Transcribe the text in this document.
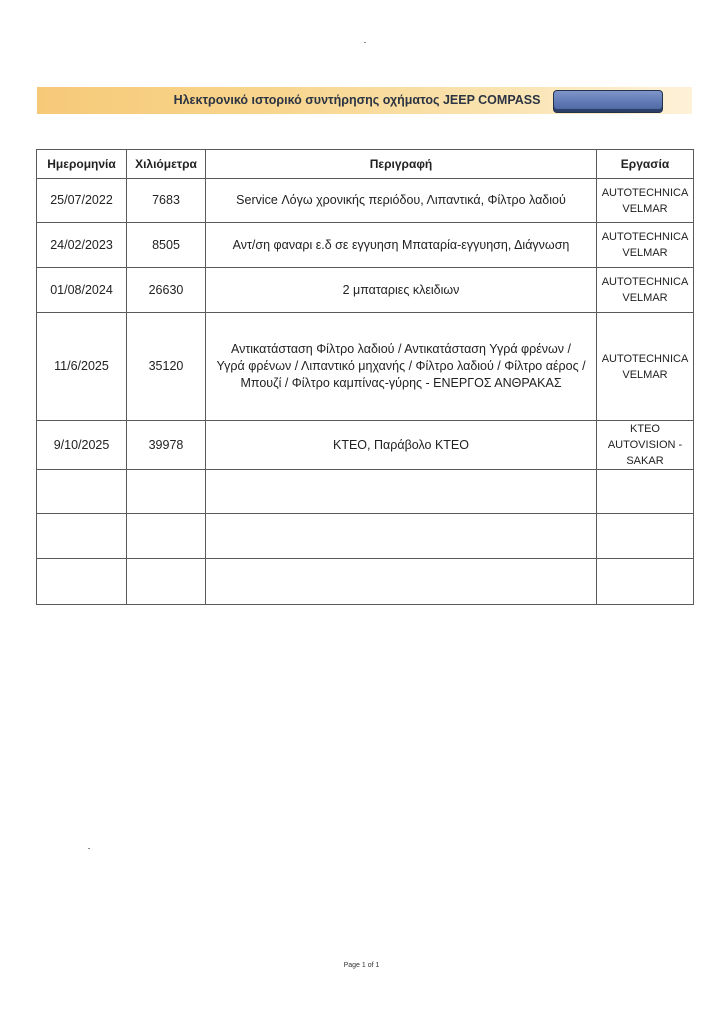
Ηλεκτρονικό ιστορικό συντήρησης οχήματος JEEP COMPASS
Ημερομηνία	Χιλιόμετρα	Περιγραφή	Εργασία
25/07/2022	7683	Service Λόγω χρονικής περιόδου, Λιπαντικά, Φίλτρο λαδιού	AUTOTECHNICA VELMAR
24/02/2023	8505	Αντ/ση φαναρι ε.δ σε εγγυηση Μπαταρία-εγγυηση, Διάγνωση	AUTOTECHNICA VELMAR
01/08/2024	26630	2 μπαταριες κλειδιων	AUTOTECHNICA VELMAR
11/6/2025	35120	Αντικατάσταση Φίλτρο λαδιού / Αντικατάσταση Υγρά φρένων / Υγρά φρένων / Λιπαντικό μηχανής / Φίλτρο λαδιού / Φίλτρο αέρος / Μπουζί / Φίλτρο καμπίνας-γύρης - ΕΝΕΡΓΟΣ ΑΝΘΡΑΚΑΣ	AUTOTECHNICA VELMAR
9/10/2025	39978	ΚΤΕΟ, Παράβολο ΚΤΕΟ	ΚΤΕΟ AUTOVISION - SAKAR

Page 1 of 1
